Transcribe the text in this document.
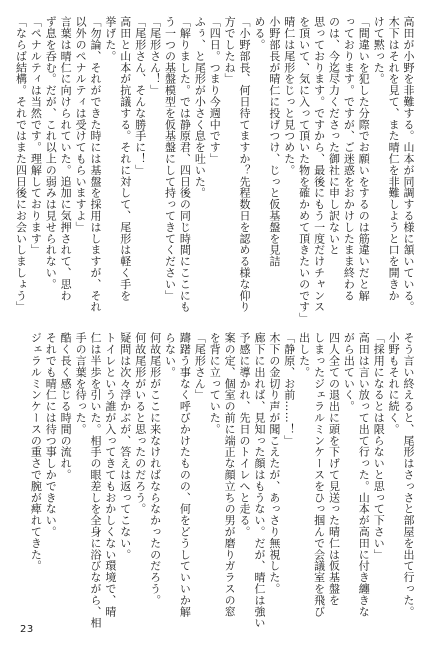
高田が小野を非難する。山本が同調する様に頷いている。
木下はそれを見て、また晴仁を非難しようと口を開きか
けて黙った。
「間違いを犯した分際でお願いをするのは筋違いだと解
っております。ですが、ご迷惑をおかけしたまま終わる
のは、今迄尽力くださった御社に申し訳ないと
思っております。ですから、最後にもう一度だけチャンス
を頂いて、気に入って頂いた物を確かめて頂きたいのです」
晴仁は尾形をじっと見つめた。
小野部長が晴仁に投げつけ、じっと仮基盤を見詰
める。
「小野部長、何日待てますか？先程数日を認める様な仰り
方でしたね」
「四日。つまり今週中です」
ふぅ、と尾形が小さく息を吐いた。
「解りました。では静原君、四日後の同じ時間にここにも
う一つの基盤模型を仮基盤にして持ってきてください」
「尾形さん！」
「尾形さん、そんな勝手に！」
高田と山本が抗議する。それに対して、尾形は軽く手を
挙げた。
「勿論、それができた時には基盤を採用はしますが、それ
以外のペナルティは受けてもらいますよ」
言葉は晴仁に向けられていた。追加に気押されて、思わ
ず息を呑む。だが、これ以上の弱みは見せられない。
「ペナルティは当然です。理解しております」
「ならば結構。それではまた四日後にお会いしましょう」
そう言い終えると、尾形はさっさと部屋を出て行った。
小野もそれに続く。
「採用になるとは限らないと思って下さい」
高田は言い放って出て行った。山本が高田に付き纏きな
がら出ていく。
四人全ての退出に頭を下げて見送った晴仁は仮基盤を
しまったジェラルミンケースをひっ掴んで会議室を飛び
出した。
「静原、お前……！」
木下の金切り声が聞こえたが、あっさり無視した。
廊下に出れば、見知った顔はもうない。だが、晴仁は強い
予感に導かれ、先日のトイレへと走る。
案の定、個室の前に端正な顔立ちの男が磨りガラスの窓
を背に立っていた。
「尾形さん」
躊躇う事なく呼びかけたものの、何をどうしていいか解
らない。
何故尾形がここに来なければならなかったのだろう。
何故尾形がいると思ったのだろう。
疑問は次々浮かぶが、答えは返ってこない。
トイレという誰が入ってきてもおかしくない環境で、晴
仁は半歩を引いた。相手の眼差しを全身に浴びながら、相
手の言葉を待った。
酷く長く感じる時間の流れ。
それでも晴仁には待つ事しかできない。
ジェラルミンケースの重さで腕が痺れてきた。
23
